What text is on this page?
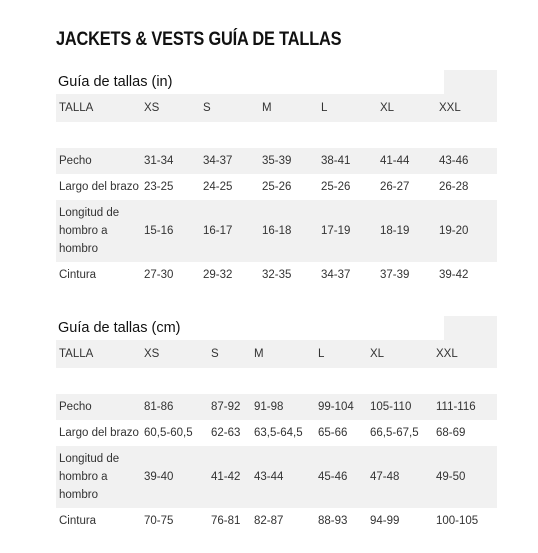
JACKETS & VESTS GUÍA DE TALLAS
Guía de tallas (in)
TALLA	XS	S	M	L	XL	XXL

Pecho	31-34	34-37	35-39	38-41	41-44	43-46
Largo del brazo	23-25	24-25	25-26	25-26	26-27	26-28
Longitud de hombro a hombro	15-16	16-17	16-18	17-19	18-19	19-20
Cintura	27-30	29-32	32-35	34-37	37-39	39-42
Guía de tallas (cm)
TALLA	XS	S	M	L	XL	XXL

Pecho	81-86	87-92	91-98	99-104	105-110	111-116
Largo del brazo	60,5-60,5	62-63	63,5-64,5	65-66	66,5-67,5	68-69
Longitud de hombro a hombro	39-40	41-42	43-44	45-46	47-48	49-50
Cintura	70-75	76-81	82-87	88-93	94-99	100-105
